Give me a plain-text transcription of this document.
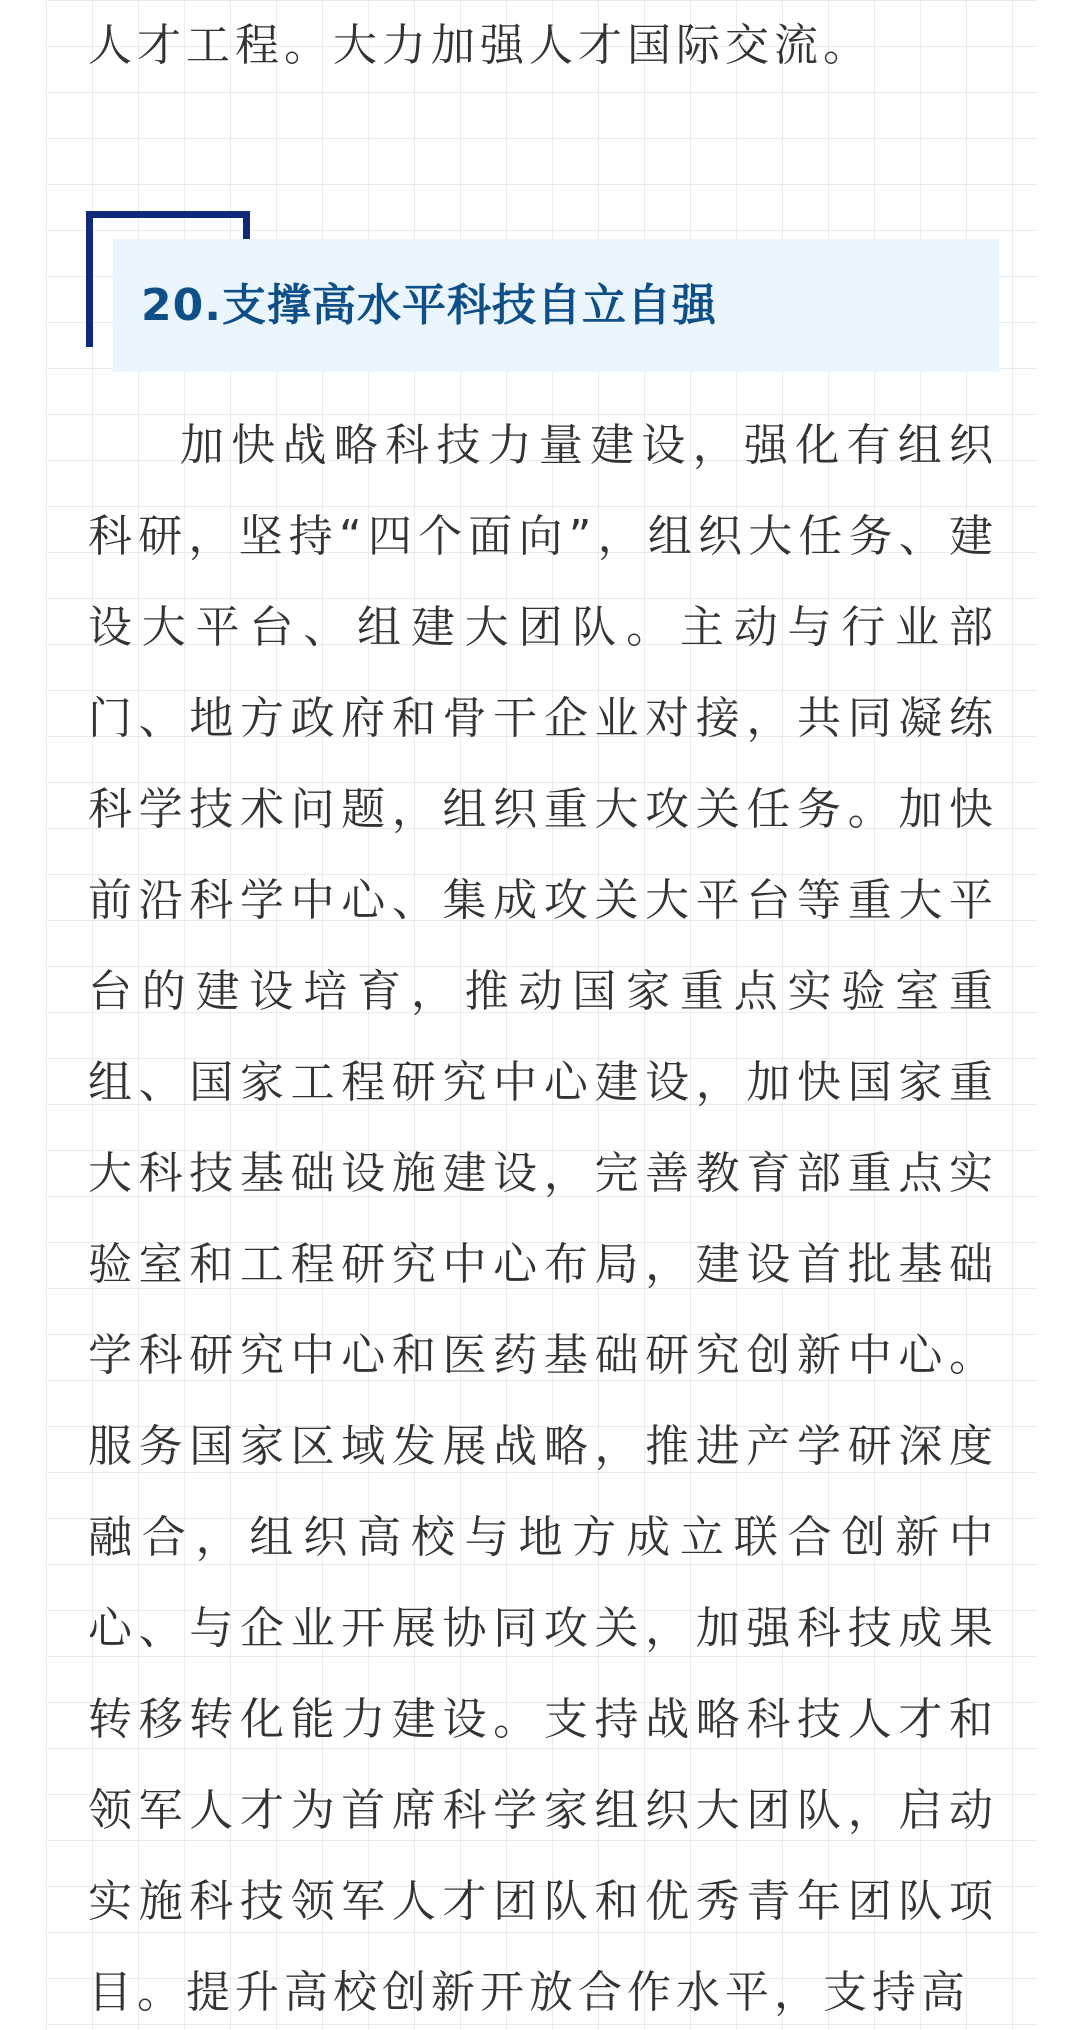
人才工程。大力加强人才国际交流。

20.支撑高水平科技自立自强

加快战略科技力量建设，强化有组织科研，坚持“四个面向”，组织大任务、建设大平台、组建大团队。主动与行业部门、地方政府和骨干企业对接，共同凝练科学技术问题，组织重大攻关任务。加快前沿科学中心、集成攻关大平台等重大平台的建设培育，推动国家重点实验室重组、国家工程研究中心建设，加快国家重大科技基础设施建设，完善教育部重点实验室和工程研究中心布局，建设首批基础学科研究中心和医药基础研究创新中心。服务国家区域发展战略，推进产学研深度融合，组织高校与地方成立联合创新中心、与企业开展协同攻关，加强科技成果转移转化能力建设。支持战略科技人才和领军人才为首席科学家组织大团队，启动实施科技领军人才团队和优秀青年团队项目。提升高校创新开放合作水平，支持高
